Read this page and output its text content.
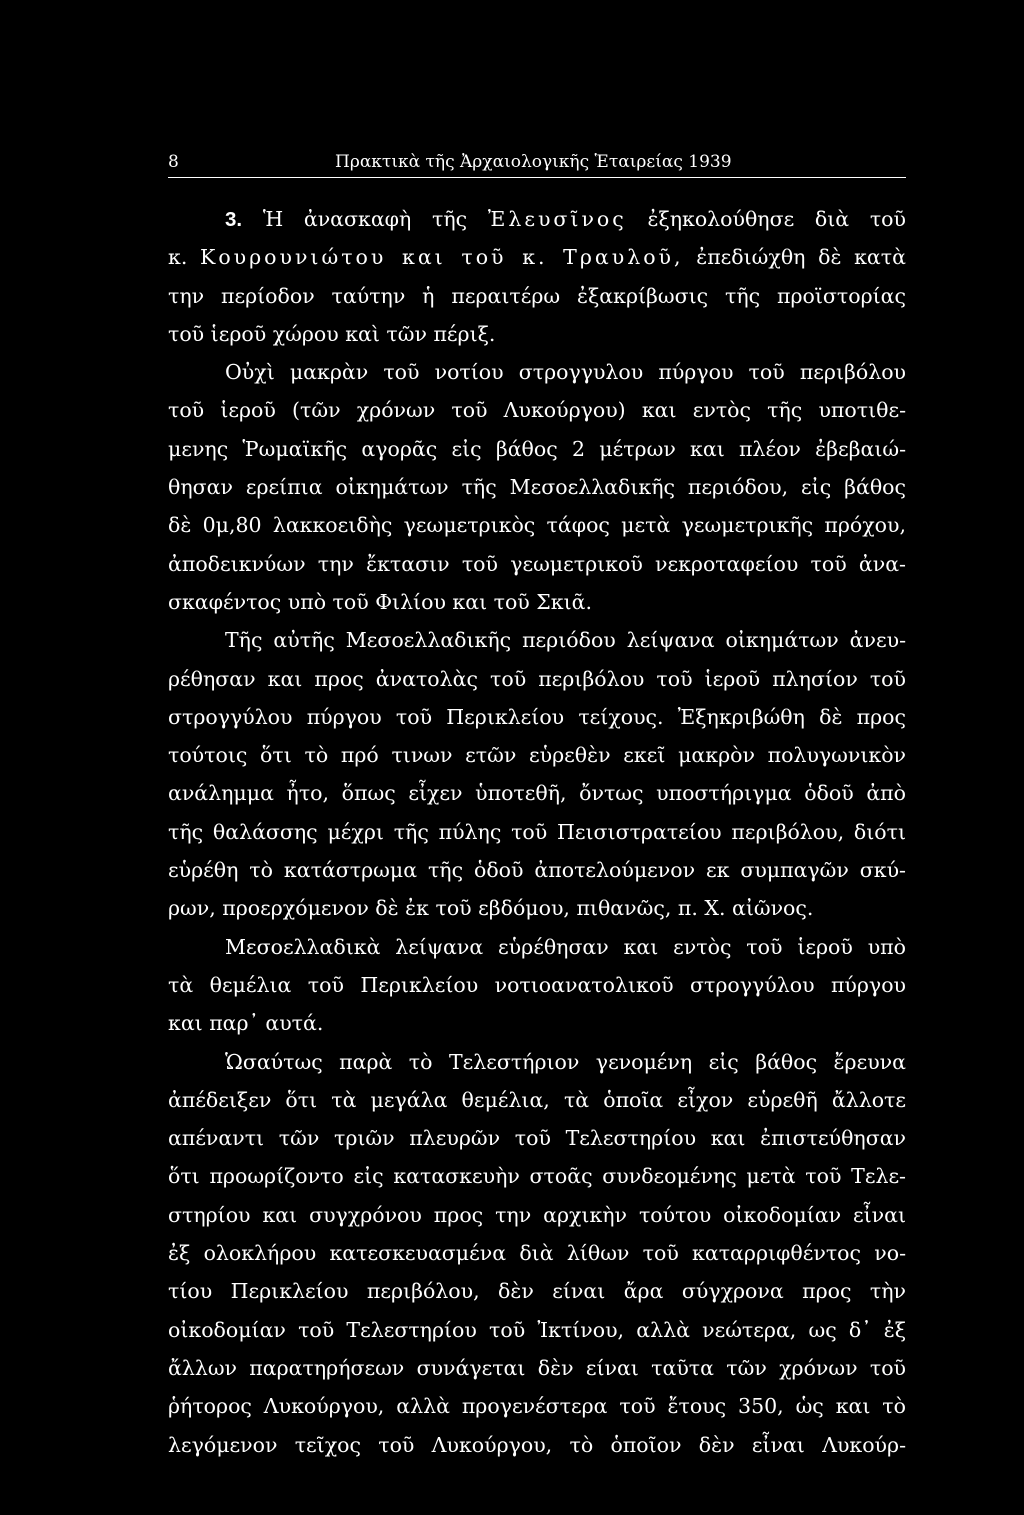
8	Πρακτικὰ τῆς Ἀρχαιολογικῆς Ἑταιρείας 1939
3. Ἡ ἀνασκαφὴ τῆς Ἐλευσῖνος ἐξηκολούθησε διὰ τοῦ
κ. Κουρουνιώτου και τοῦ κ. Τραυλοῦ, ἐπεδιώχθη δὲ κατὰ
την περίοδον ταύτην ἡ περαιτέρω ἐξακρίβωσις τῆς προϊστορίας
τοῦ ἱεροῦ χώρου καὶ τῶν πέριξ.
Οὐχὶ μακρὰν τοῦ νοτίου στρογγυλου πύργου τοῦ περιβόλου
τοῦ ἱεροῦ (τῶν χρόνων τοῦ Λυκούργου) και εντὸς τῆς υποτιθε-
μενης Ῥωμαϊκῆς αγορᾶς εἰς βάθος 2 μέτρων και πλέον ἐβεβαιώ-
θησαν ερείπια οἰκημάτων τῆς Μεσοελλαδικῆς περιόδου, εἰς βάθος
δὲ 0μ,80 λακκοειδὴς γεωμετρικὸς τάφος μετὰ γεωμετρικῆς πρόχου,
ἀποδεικνύων την ἔκτασιν τοῦ γεωμετρικοῦ νεκροταφείου τοῦ ἀνα-
σκαφέντος υπὸ τοῦ Φιλίου και τοῦ Σκιᾶ.
Τῆς αὐτῆς Μεσοελλαδικῆς περιόδου λείψανα οἰκημάτων ἀνευ-
ρέθησαν και προς ἀνατολὰς τοῦ περιβόλου τοῦ ἱεροῦ πλησίον τοῦ
στρογγύλου πύργου τοῦ Περικλείου τείχους. Ἐξηκριβώθη δὲ προς
τούτοις ὅτι τὸ πρό τινων ετῶν εὑρεθὲν εκεῖ μακρὸν πολυγωνικὸν
ανάλημμα ἦτο, ὅπως εἶχεν ὑποτεθῆ, ὄντως υποστήριγμα ὁδοῦ ἀπὸ
τῆς θαλάσσης μέχρι τῆς πύλης τοῦ Πεισιστρατείου περιβόλου, διότι
εὑρέθη τὸ κατάστρωμα τῆς ὁδοῦ ἀποτελούμενον εκ συμπαγῶν σκύ-
ρων, προερχόμενον δὲ ἐκ τοῦ εβδόμου, πιθανῶς, π. Χ. αἰῶνος.
Μεσοελλαδικὰ λείψανα εὑρέθησαν και εντὸς τοῦ ἱεροῦ υπὸ
τὰ θεμέλια τοῦ Περικλείου νοτιοανατολικοῦ στρογγύλου πύργου
και παρ᾽ αυτά.
Ὡσαύτως παρὰ τὸ Τελεστήριον γενομένη εἰς βάθος ἔρευνα
ἀπέδειξεν ὅτι τὰ μεγάλα θεμέλια, τὰ ὁποῖα εἶχον εὑρεθῆ ἄλλοτε
απέναντι τῶν τριῶν πλευρῶν τοῦ Τελεστηρίου και ἐπιστεύθησαν
ὅτι προωρίζοντο εἰς κατασκευὴν στοᾶς συνδεομένης μετὰ τοῦ Τελε-
στηρίου και συγχρόνου προς την αρχικὴν τούτου οἰκοδομίαν εἶναι
ἐξ ολοκλήρου κατεσκευασμένα διὰ λίθων τοῦ καταρριφθέντος νο-
τίου Περικλείου περιβόλου, δὲν είναι ἄρα σύγχρονα προς τὴν
οἰκοδομίαν τοῦ Τελεστηρίου τοῦ Ἰκτίνου, αλλὰ νεώτερα, ως δ᾽ ἐξ
ἄλλων παρατηρήσεων συνάγεται δὲν είναι ταῦτα τῶν χρόνων τοῦ
ῥήτορος Λυκούργου, αλλὰ προγενέστερα τοῦ ἔτους 350, ὡς και τὸ
λεγόμενον τεῖχος τοῦ Λυκούργου, τὸ ὁποῖον δὲν εἶναι Λυκούρ-
